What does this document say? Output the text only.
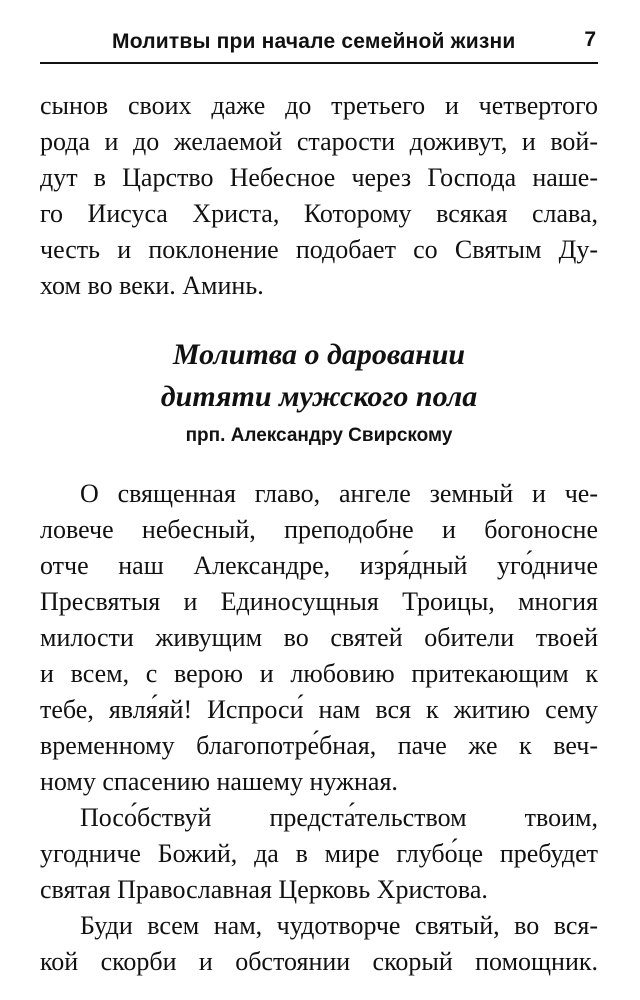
Молитвы при начале семейной жизни	7
сынов своих даже до третьего и четвертого
рода и до желаемой старости доживут, и вой-
дут в Царство Небесное через Господа наше-
го Иисуса Христа, Которому всякая слава,
честь и поклонение подобает со Святым Ду-
хом во веки. Аминь.
Молитва о даровании
дитяти мужского пола
прп. Александру Свирскому
О священная главо, ангеле земный и че-
ловече небесный, преподобне и богоносне
отче наш Александре, изря́дный уго́дниче
Пресвятыя и Единосущныя Троицы, многия
милости живущим во святей обители твоей
и всем, с верою и любовию притекающим к
тебе, явля́яй! Испроси́ нам вся к житию сему
временному благопотре́бная, паче же к веч-
ному спасению нашему нужная.
Посо́бствуй предста́тельством твоим,
угодниче Божий, да в мире глубо́це пребудет
святая Православная Церковь Христова.
Буди всем нам, чудотворче святый, во вся-
кой скорби и обстоянии скорый помощник.
